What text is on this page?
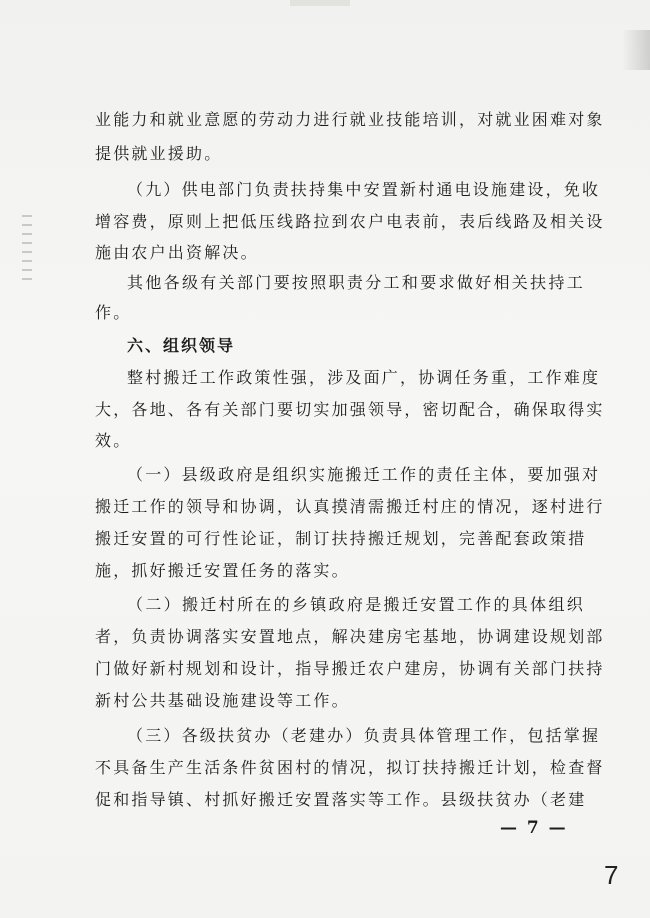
业能力和就业意愿的劳动力进行就业技能培训，对就业困难对象
提供就业援助。
（九）供电部门负责扶持集中安置新村通电设施建设，免收
增容费，原则上把低压线路拉到农户电表前，表后线路及相关设
施由农户出资解决。
其他各级有关部门要按照职责分工和要求做好相关扶持工
作。
六、组织领导
整村搬迁工作政策性强，涉及面广，协调任务重，工作难度
大，各地、各有关部门要切实加强领导，密切配合，确保取得实
效。
（一）县级政府是组织实施搬迁工作的责任主体，要加强对
搬迁工作的领导和协调，认真摸清需搬迁村庄的情况，逐村进行
搬迁安置的可行性论证，制订扶持搬迁规划，完善配套政策措
施，抓好搬迁安置任务的落实。
（二）搬迁村所在的乡镇政府是搬迁安置工作的具体组织
者，负责协调落实安置地点，解决建房宅基地，协调建设规划部
门做好新村规划和设计，指导搬迁农户建房，协调有关部门扶持
新村公共基础设施建设等工作。
（三）各级扶贫办（老建办）负责具体管理工作，包括掌握
不具备生产生活条件贫困村的情况，拟订扶持搬迁计划，检查督
促和指导镇、村抓好搬迁安置落实等工作。县级扶贫办（老建
— 7 —
7
